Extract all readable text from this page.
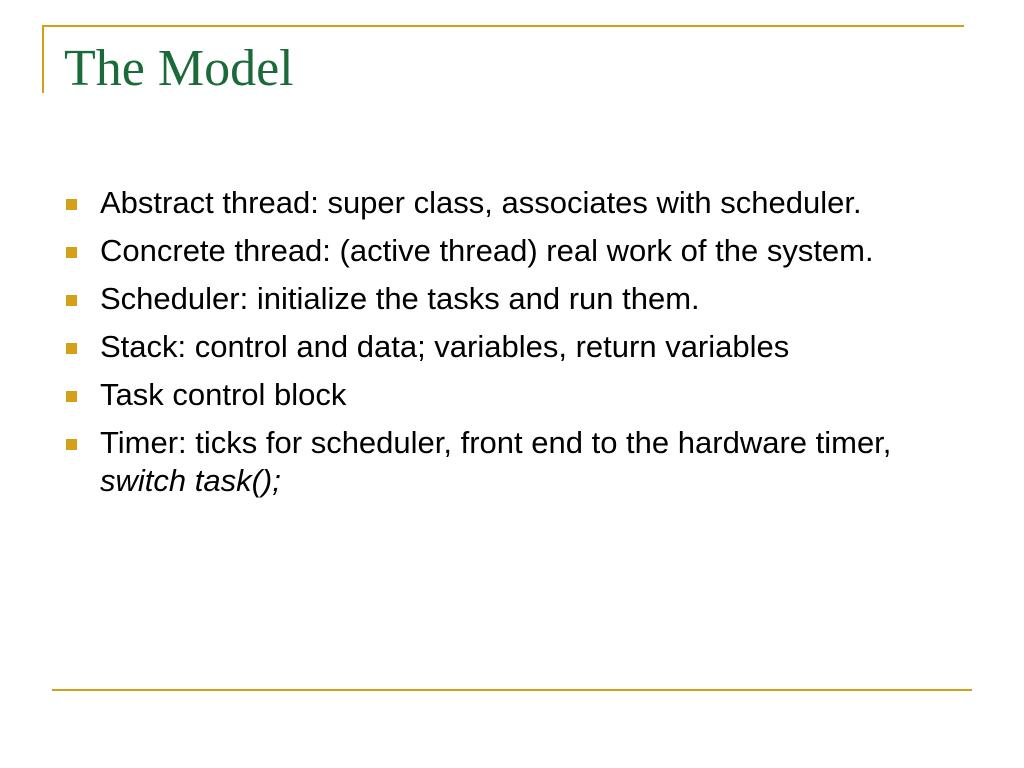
The Model
Abstract thread: super class, associates with scheduler.
Concrete thread: (active thread) real work of the system.
Scheduler: initialize the tasks and run them.
Stack: control and data; variables, return variables
Task control block
Timer: ticks for scheduler, front end to the hardware timer, switch task();
